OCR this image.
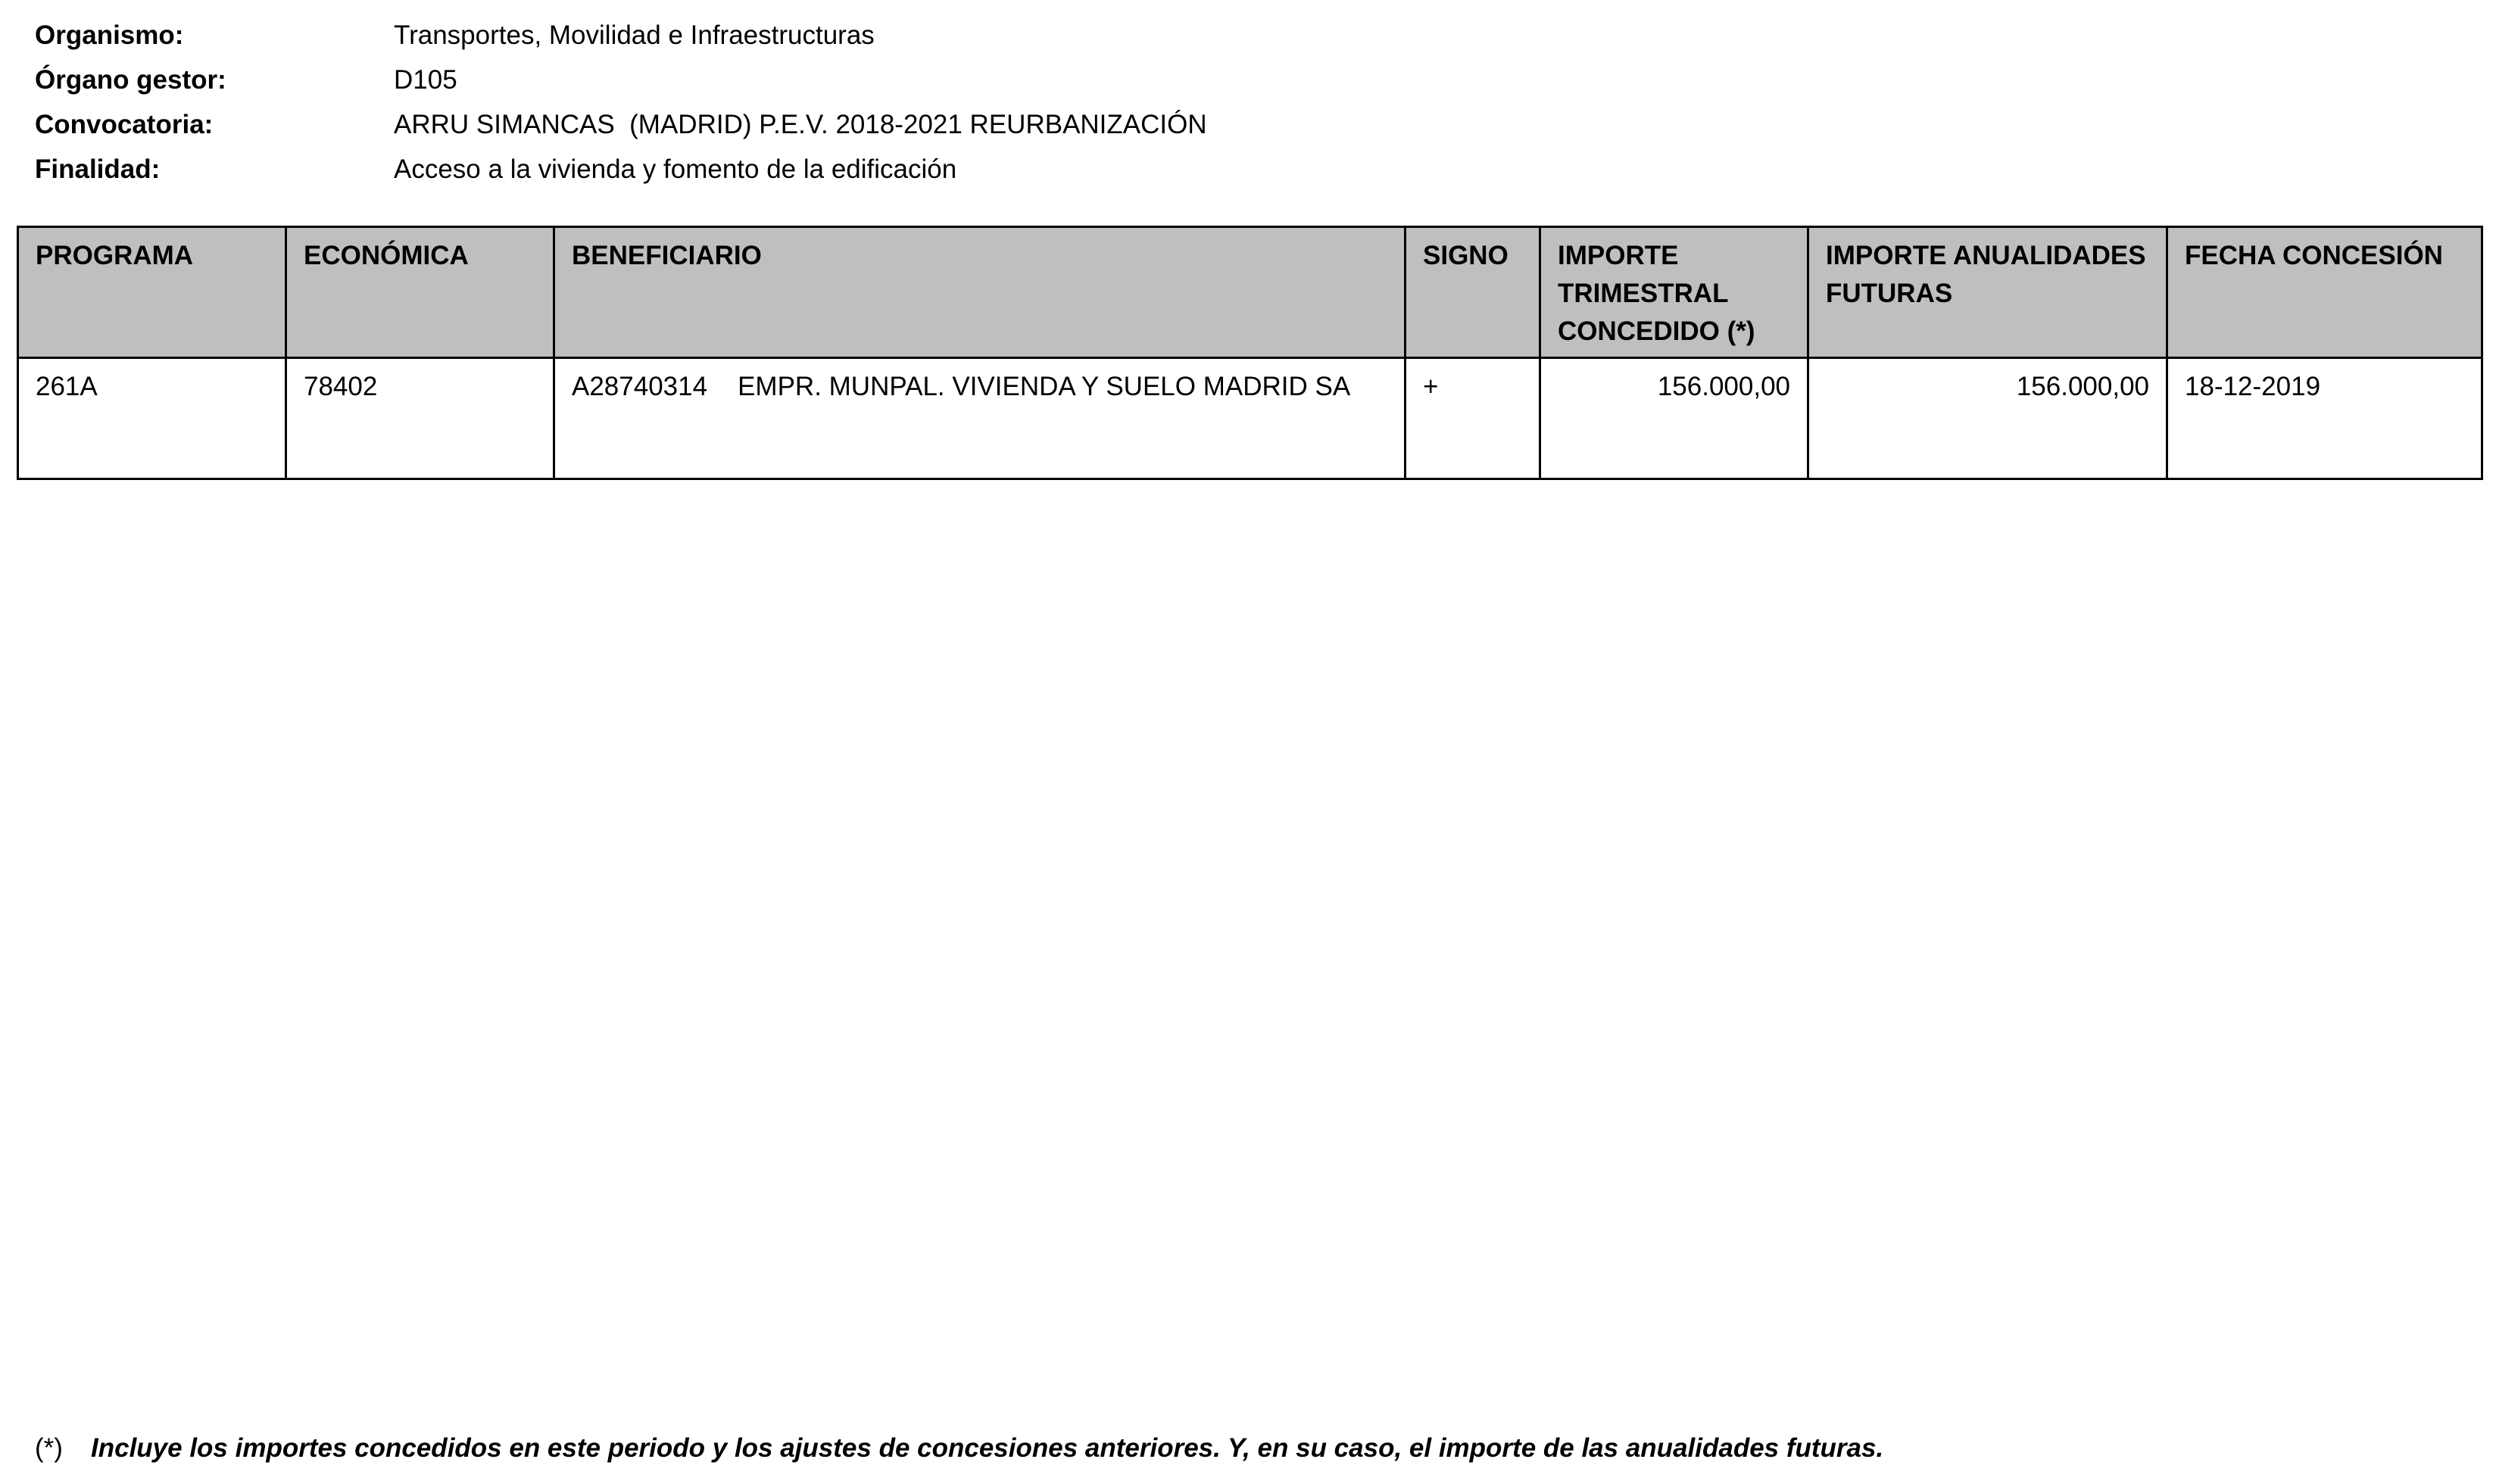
Organismo:	Transportes, Movilidad e Infraestructuras
Órgano gestor:	D105
Convocatoria:	ARRU SIMANCAS  (MADRID) P.E.V. 2018-2021 REURBANIZACIÓN
Finalidad:	Acceso a la vivienda y fomento de la edificación
PROGRAMA	ECONÓMICA	BENEFICIARIO	SIGNO	IMPORTE TRIMESTRAL CONCEDIDO (*)	IMPORTE ANUALIDADES FUTURAS	FECHA CONCESIÓN
261A	78402	A28740314 EMPR. MUNPAL. VIVIENDA Y SUELO MADRID SA	+	156.000,00	156.000,00	18-12-2019
(*) Incluye los importes concedidos en este periodo y los ajustes de concesiones anteriores. Y, en su caso, el importe de las anualidades futuras.
